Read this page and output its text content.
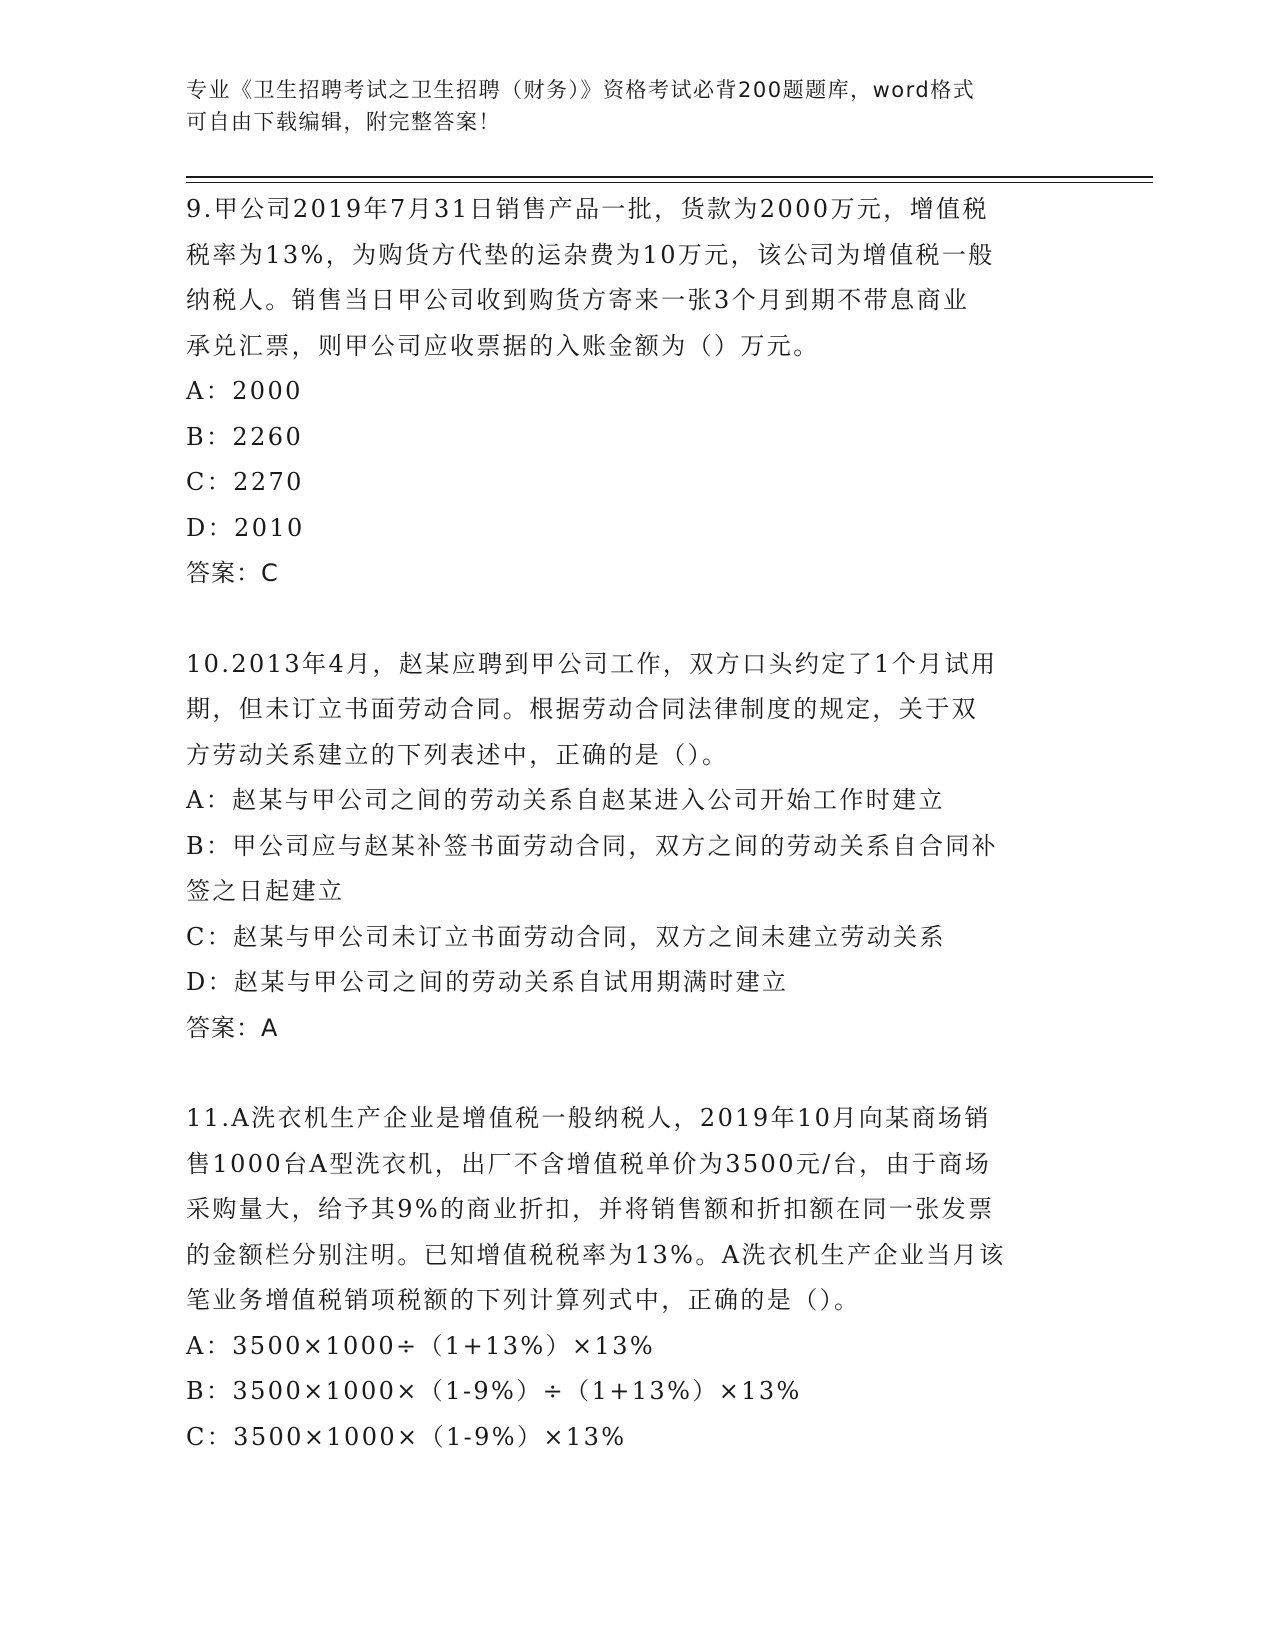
专业《卫生招聘考试之卫生招聘（财务）》资格考试必背200题题库，word格式
可自由下载编辑，附完整答案！
9.甲公司2019年7月31日销售产品一批，货款为2000万元，增值税
税率为13%，为购货方代垫的运杂费为10万元，该公司为增值税一般
纳税人。销售当日甲公司收到购货方寄来一张3个月到期不带息商业
承兑汇票，则甲公司应收票据的入账金额为（）万元。
A：2000
B：2260
C：2270
D：2010
答案：C
10.2013年4月，赵某应聘到甲公司工作，双方口头约定了1个月试用
期，但未订立书面劳动合同。根据劳动合同法律制度的规定，关于双
方劳动关系建立的下列表述中，正确的是（）。
A：赵某与甲公司之间的劳动关系自赵某进入公司开始工作时建立
B：甲公司应与赵某补签书面劳动合同，双方之间的劳动关系自合同补
签之日起建立
C：赵某与甲公司未订立书面劳动合同，双方之间未建立劳动关系
D：赵某与甲公司之间的劳动关系自试用期满时建立
答案：A
11.A洗衣机生产企业是增值税一般纳税人，2019年10月向某商场销
售1000台A型洗衣机，出厂不含增值税单价为3500元/台，由于商场
采购量大，给予其9%的商业折扣，并将销售额和折扣额在同一张发票
的金额栏分别注明。已知增值税税率为13%。A洗衣机生产企业当月该
笔业务增值税销项税额的下列计算列式中，正确的是（）。
A：3500×1000÷（1+13%）×13%
B：3500×1000×（1-9%）÷（1+13%）×13%
C：3500×1000×（1-9%）×13%
